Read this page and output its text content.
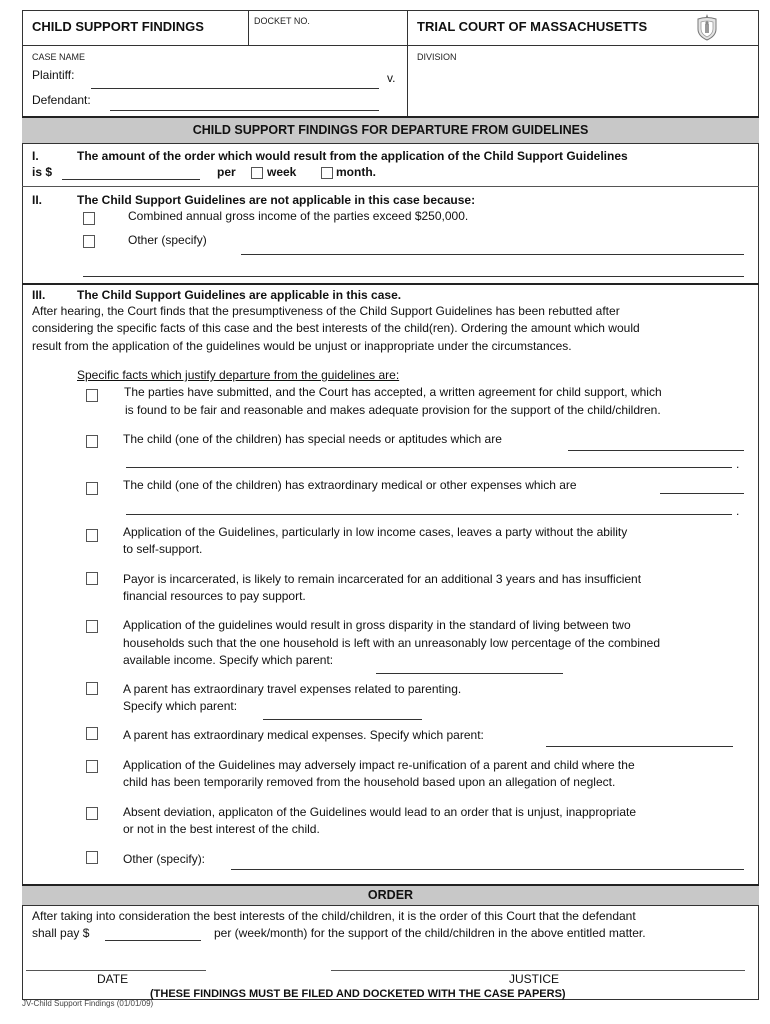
CHILD SUPPORT FINDINGS	DOCKET NO.	TRIAL COURT OF MASSACHUSETTS
CASE NAME
Plaintiff:	v.
Defendant:
DIVISION
CHILD SUPPORT FINDINGS FOR DEPARTURE FROM GUIDELINES
I.	The amount of the order which would result from the application of the Child Support Guidelines
is $	per	week	month.
II.	The Child Support Guidelines are not applicable in this case because:
Combined annual gross income of the parties exceed $250,000.
Other (specify)
III.	The Child Support Guidelines are applicable in this case.
After hearing, the Court finds that the presumptiveness of the Child Support Guidelines has been rebutted after
considering the specific facts of this case and the best interests of the child(ren). Ordering the amount which would
result from the application of the guidelines would be unjust or inappropriate under the circumstances.
Specific facts which justify departure from the guidelines are:
The parties have submitted, and the Court has accepted, a written agreement for child support, which
is found to be fair and reasonable and makes adequate provision for the support of the child/children.
The child (one of the children) has special needs or aptitudes which are
.
The child (one of the children) has extraordinary medical or other expenses which are
.
Application of the Guidelines, particularly in low income cases, leaves a party without the ability
to self-support.
Payor is incarcerated, is likely to remain incarcerated for an additional 3 years and has insufficient
financial resources to pay support.
Application of the guidelines would result in gross disparity in the standard of living between two
households such that the one household is left with an unreasonably low percentage of the combined
available income. Specify which parent:
A parent has extraordinary travel expenses related to parenting.
Specify which parent:
A parent has extraordinary medical expenses. Specify which parent:
Application of the Guidelines may adversely impact re-unification of a parent and child where the
child has been temporarily removed from the household based upon an allegation of neglect.
Absent deviation, applicaton of the Guidelines would lead to an order that is unjust, inappropriate
or not in the best interest of the child.
Other (specify):
ORDER
After taking into consideration the best interests of the child/children, it is the order of this Court that the defendant
shall pay $	per (week/month) for the support of the child/children in the above entitled matter.
DATE	JUSTICE
(THESE FINDINGS MUST BE FILED AND DOCKETED WITH THE CASE PAPERS)
JV-Child Support Findings (01/01/09)
